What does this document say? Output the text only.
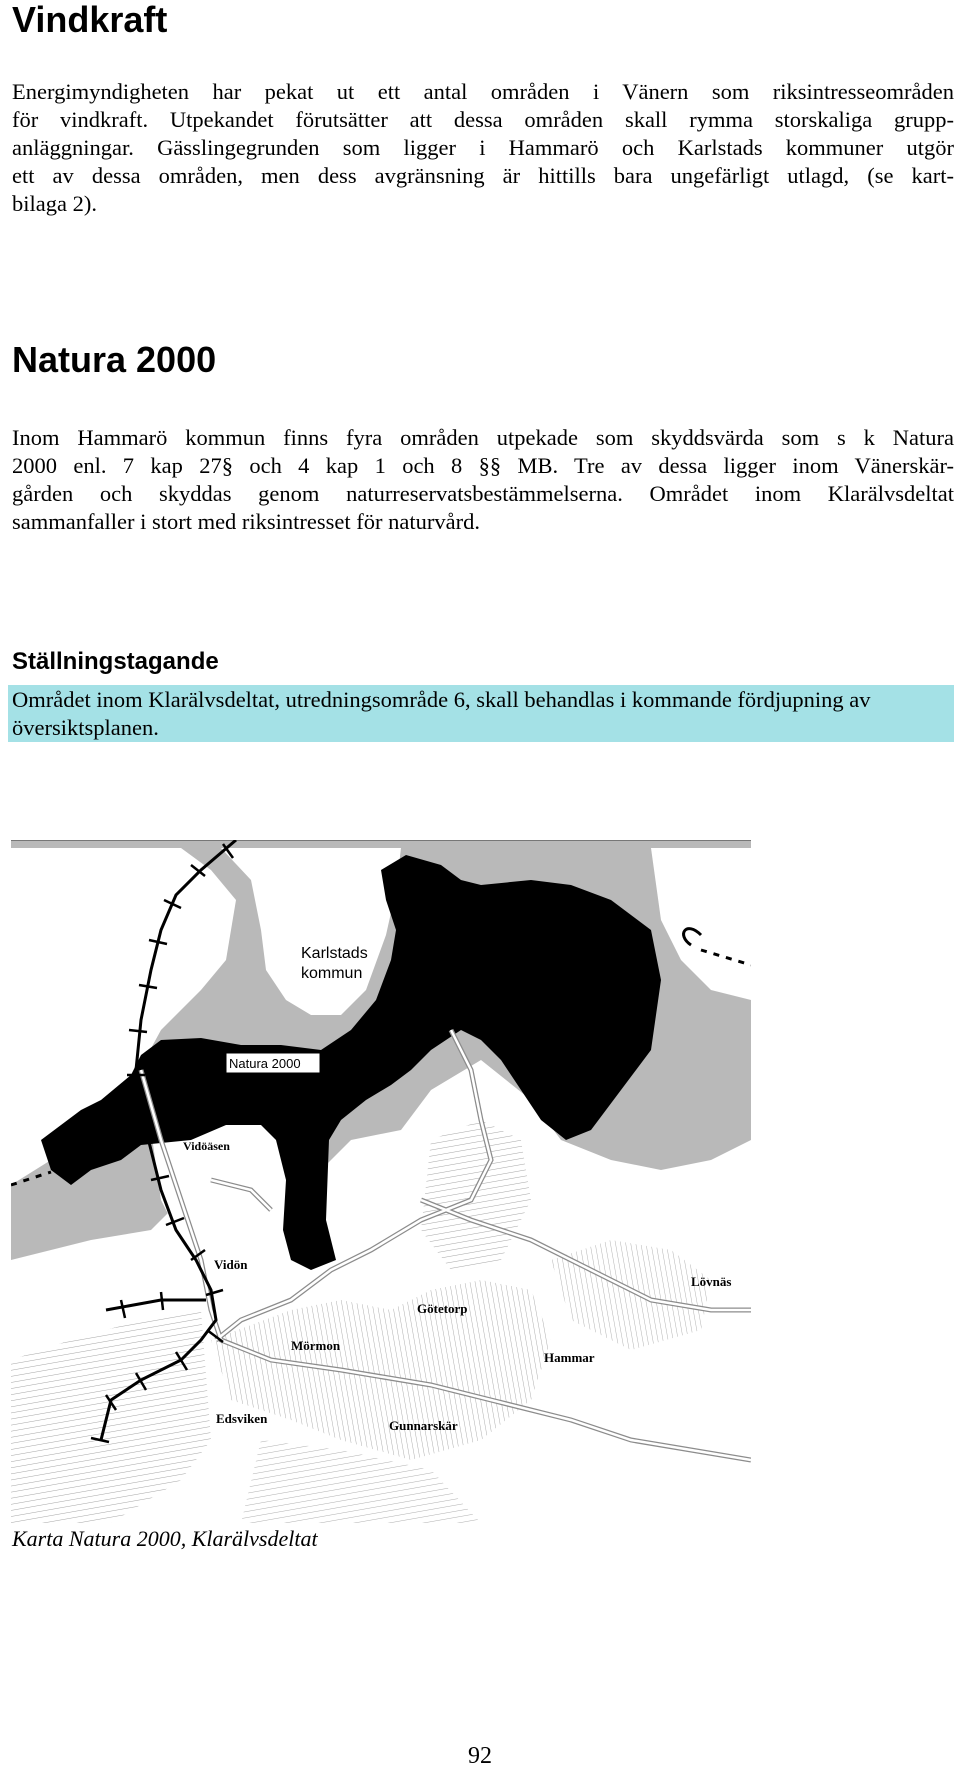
Vindkraft
Energimyndigheten har pekat ut ett antal områden i Vänern som riksintresseområden
för vindkraft. Utpekandet förutsätter att dessa områden skall rymma storskaliga grupp-
anläggningar. Gässlingegrunden som ligger i Hammarö och Karlstads kommuner utgör
ett av dessa områden, men dess avgränsning är hittills bara ungefärligt utlagd, (se kart-
bilaga 2).
Natura 2000
Inom Hammarö kommun finns fyra områden utpekade som skyddsvärda som s k Natura
2000 enl. 7 kap 27§ och 4 kap 1 och 8 §§ MB. Tre av dessa ligger inom Vänerskär-
gården och skyddas genom naturreservatsbestämmelserna. Området inom Klarälvsdeltat
sammanfaller i stort med riksintresset för naturvård.
Ställningstagande
Området inom Klarälvsdeltat, utredningsområde 6, skall behandlas i kommande fördjupning av
översiktsplanen.
Karlstads
kommun
Natura 2000
Vidöäsen
Vidön
Lövnäs
Götetorp
Mörmon
Hammar
Edsviken	Gunnarskär

Karta Natura 2000, Klarälvsdeltat

92
